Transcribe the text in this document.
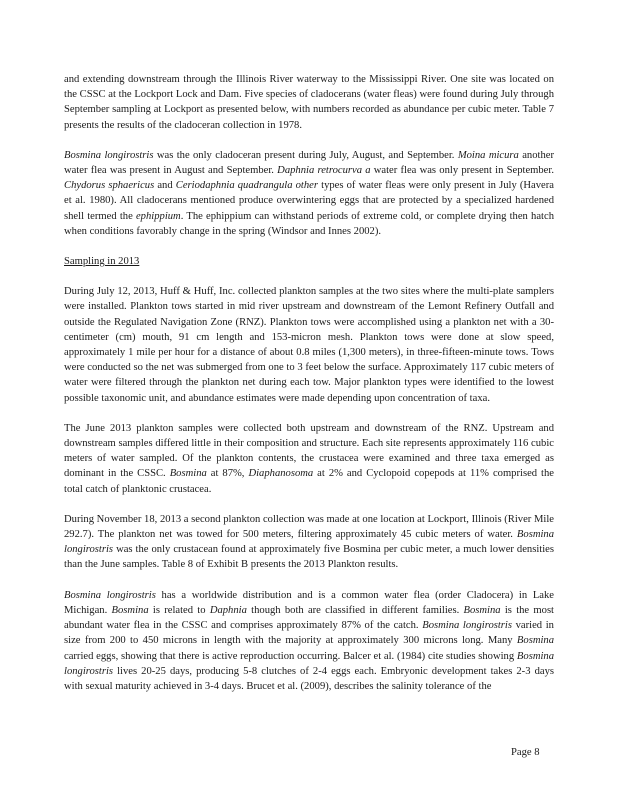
and extending downstream through the Illinois River waterway to the Mississippi River. One site was located on the CSSC at the Lockport Lock and Dam. Five species of cladocerans (water fleas) were found during July through September sampling at Lockport as presented below, with numbers recorded as abundance per cubic meter. Table 7 presents the results of the cladoceran collection in 1978.

Bosmina longirostris was the only cladoceran present during July, August, and September. Moina micura another water flea was present in August and September. Daphnia retrocurva a water flea was only present in September. Chydorus sphaericus and Ceriodaphnia quadrangula other types of water fleas were only present in July (Havera et al. 1980). All cladocerans mentioned produce overwintering eggs that are protected by a specialized hardened shell termed the ephippium. The ephippium can withstand periods of extreme cold, or complete drying then hatch when conditions favorably change in the spring (Windsor and Innes 2002).

Sampling in 2013

During July 12, 2013, Huff & Huff, Inc. collected plankton samples at the two sites where the multi-plate samplers were installed. Plankton tows started in mid river upstream and downstream of the Lemont Refinery Outfall and outside the Regulated Navigation Zone (RNZ). Plankton tows were accomplished using a plankton net with a 30-centimeter (cm) mouth, 91 cm length and 153-micron mesh. Plankton tows were done at slow speed, approximately 1 mile per hour for a distance of about 0.8 miles (1,300 meters), in three-fifteen-minute tows. Tows were conducted so the net was submerged from one to 3 feet below the surface. Approximately 117 cubic meters of water were filtered through the plankton net during each tow. Major plankton types were identified to the lowest possible taxonomic unit, and abundance estimates were made depending upon concentration of taxa.

The June 2013 plankton samples were collected both upstream and downstream of the RNZ. Upstream and downstream samples differed little in their composition and structure. Each site represents approximately 116 cubic meters of water sampled. Of the plankton contents, the crustacea were examined and three taxa emerged as dominant in the CSSC. Bosmina at 87%, Diaphanosoma at 2% and Cyclopoid copepods at 11% comprised the total catch of planktonic crustacea.

During November 18, 2013 a second plankton collection was made at one location at Lockport, Illinois (River Mile 292.7). The plankton net was towed for 500 meters, filtering approximately 45 cubic meters of water. Bosmina longirostris was the only crustacean found at approximately five Bosmina per cubic meter, a much lower densities than the June samples. Table 8 of Exhibit B presents the 2013 Plankton results.

Bosmina longirostris has a worldwide distribution and is a common water flea (order Cladocera) in Lake Michigan. Bosmina is related to Daphnia though both are classified in different families. Bosmina is the most abundant water flea in the CSSC and comprises approximately 87% of the catch. Bosmina longirostris varied in size from 200 to 450 microns in length with the majority at approximately 300 microns long. Many Bosmina carried eggs, showing that there is active reproduction occurring. Balcer et al. (1984) cite studies showing Bosmina longirostris lives 20-25 days, producing 5-8 clutches of 2-4 eggs each. Embryonic development takes 2-3 days with sexual maturity achieved in 3-4 days. Brucet et al. (2009), describes the salinity tolerance of the

Page 8
